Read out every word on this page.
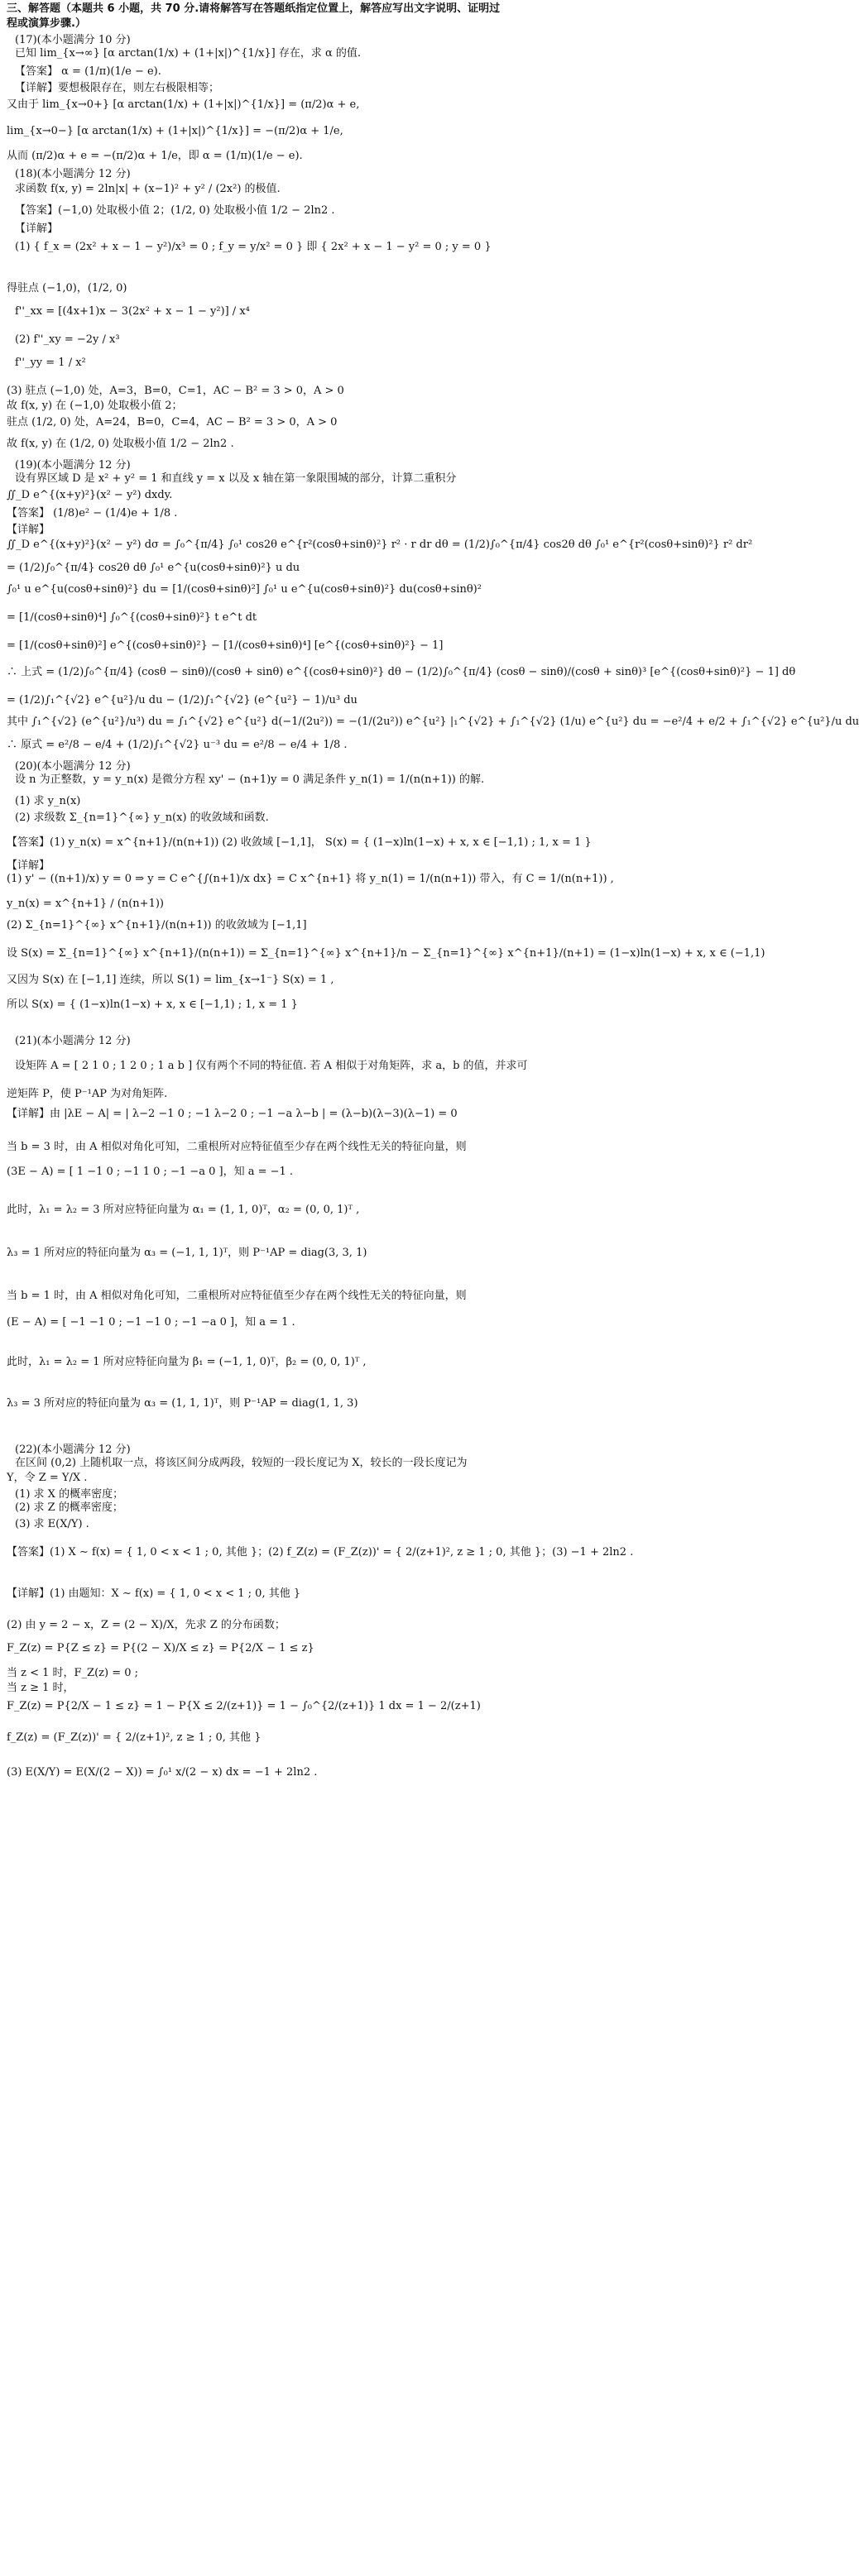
三、解答题（本题共 6 小题，共 70 分.请将解答写在答题纸指定位置上，解答应写出文字说明、证明过程或演算步骤.）
(17)(本小题满分 10 分)
已知 lim_{x→∞} [α arctan(1/x) + (1+|x|)^{1/x}] 存在，求 α 的值.
【答案】 α = (1/π)(1/e − e).
【详解】要想极限存在，则左右极限相等；
又由于 lim_{x→0+} [α arctan(1/x) + (1+|x|)^{1/x}] = (π/2)α + e,
lim_{x→0−} [α arctan(1/x) + (1+|x|)^{1/x}] = −(π/2)α + 1/e,
从而 (π/2)α + e = −(π/2)α + 1/e，即 α = (1/π)(1/e − e).
(18)(本小题满分 12 分)
求函数 f(x, y) = 2ln|x| + (x−1)² + y² / (2x²) 的极值.
【答案】(−1,0) 处取极小值 2；(1/2, 0) 处取极小值 1/2 − 2ln2 .
【详解】
(1) { f_x = (2x² + x − 1 − y²)/x³ = 0 ; f_y = y/x² = 0 } 即 { 2x² + x − 1 − y² = 0 ; y = 0 }
得驻点 (−1,0)，(1/2, 0)
f''_xx = [(4x+1)x − 3(2x² + x − 1 − y²)] / x⁴
(2) f''_xy = −2y / x³
f''_yy = 1 / x²
(3) 驻点 (−1,0) 处，A=3，B=0，C=1，AC − B² = 3 > 0，A > 0
故 f(x, y) 在 (−1,0) 处取极小值 2；
驻点 (1/2, 0) 处，A=24，B=0，C=4，AC − B² = 3 > 0，A > 0
故 f(x, y) 在 (1/2, 0) 处取极小值 1/2 − 2ln2 .
(19)(本小题满分 12 分)
设有界区域 D 是 x² + y² = 1 和直线 y = x 以及 x 轴在第一象限围城的部分，计算二重积分
∬_D e^{(x+y)²}(x² − y²) dxdy.
【答案】 (1/8)e² − (1/4)e + 1/8 .
【详解】
∬_D e^{(x+y)²}(x² − y²) dσ = ∫₀^{π/4} ∫₀¹ cos2θ e^{r²(cosθ+sinθ)²} r² · r dr dθ = (1/2)∫₀^{π/4} cos2θ dθ ∫₀¹ e^{r²(cosθ+sinθ)²} r² dr²
= (1/2)∫₀^{π/4} cos2θ dθ ∫₀¹ e^{u(cosθ+sinθ)²} u du
∫₀¹ u e^{u(cosθ+sinθ)²} du = [1/(cosθ+sinθ)²] ∫₀¹ u e^{u(cosθ+sinθ)²} du(cosθ+sinθ)²
= [1/(cosθ+sinθ)⁴] ∫₀^{(cosθ+sinθ)²} t e^t dt
= [1/(cosθ+sinθ)²] e^{(cosθ+sinθ)²} − [1/(cosθ+sinθ)⁴] [e^{(cosθ+sinθ)²} − 1]
∴ 上式 = (1/2)∫₀^{π/4} (cosθ − sinθ)/(cosθ + sinθ) e^{(cosθ+sinθ)²} dθ − (1/2)∫₀^{π/4} (cosθ − sinθ)/(cosθ + sinθ)³ [e^{(cosθ+sinθ)²} − 1] dθ
= (1/2)∫₁^{√2} e^{u²}/u du − (1/2)∫₁^{√2} (e^{u²} − 1)/u³ du
其中 ∫₁^{√2} (e^{u²}/u³) du = ∫₁^{√2} e^{u²} d(−1/(2u²)) = −(1/(2u²)) e^{u²} |₁^{√2} + ∫₁^{√2} (1/u) e^{u²} du = −e²/4 + e/2 + ∫₁^{√2} e^{u²}/u du
∴ 原式 = e²/8 − e/4 + (1/2)∫₁^{√2} u⁻³ du = e²/8 − e/4 + 1/8 .
(20)(本小题满分 12 分)
设 n 为正整数，y = y_n(x) 是微分方程 xy' − (n+1)y = 0 满足条件 y_n(1) = 1/(n(n+1)) 的解.
(1) 求 y_n(x)
(2) 求级数 Σ_{n=1}^{∞} y_n(x) 的收敛域和函数.
【答案】(1) y_n(x) = x^{n+1}/(n(n+1)) (2) 收敛域 [−1,1]， S(x) = { (1−x)ln(1−x) + x, x ∈ [−1,1) ; 1, x = 1 }
【详解】
(1) y' − ((n+1)/x) y = 0 ⇒ y = C e^{∫(n+1)/x dx} = C x^{n+1} 将 y_n(1) = 1/(n(n+1)) 带入，有 C = 1/(n(n+1)) ,
y_n(x) = x^{n+1} / (n(n+1))
(2) Σ_{n=1}^{∞} x^{n+1}/(n(n+1)) 的收敛域为 [−1,1]
设 S(x) = Σ_{n=1}^{∞} x^{n+1}/(n(n+1)) = Σ_{n=1}^{∞} x^{n+1}/n − Σ_{n=1}^{∞} x^{n+1}/(n+1) = (1−x)ln(1−x) + x, x ∈ (−1,1)
又因为 S(x) 在 [−1,1] 连续，所以 S(1) = lim_{x→1⁻} S(x) = 1 ,
所以 S(x) = { (1−x)ln(1−x) + x, x ∈ [−1,1) ; 1, x = 1 }
(21)(本小题满分 12 分)
设矩阵 A = [ 2 1 0 ; 1 2 0 ; 1 a b ] 仅有两个不同的特征值. 若 A 相似于对角矩阵，求 a，b 的值，并求可
逆矩阵 P，使 P⁻¹AP 为对角矩阵.
【详解】由 |λE − A| = | λ−2 −1 0 ; −1 λ−2 0 ; −1 −a λ−b | = (λ−b)(λ−3)(λ−1) = 0
当 b = 3 时，由 A 相似对角化可知，二重根所对应特征值至少存在两个线性无关的特征向量，则
(3E − A) = [ 1 −1 0 ; −1 1 0 ; −1 −a 0 ]，知 a = −1 .
此时，λ₁ = λ₂ = 3 所对应特征向量为 α₁ = (1, 1, 0)ᵀ，α₂ = (0, 0, 1)ᵀ ,
λ₃ = 1 所对应的特征向量为 α₃ = (−1, 1, 1)ᵀ，则 P⁻¹AP = diag(3, 3, 1)
当 b = 1 时，由 A 相似对角化可知，二重根所对应特征值至少存在两个线性无关的特征向量，则
(E − A) = [ −1 −1 0 ; −1 −1 0 ; −1 −a 0 ]，知 a = 1 .
此时，λ₁ = λ₂ = 1 所对应特征向量为 β₁ = (−1, 1, 0)ᵀ，β₂ = (0, 0, 1)ᵀ ,
λ₃ = 3 所对应的特征向量为 α₃ = (1, 1, 1)ᵀ，则 P⁻¹AP = diag(1, 1, 3)
(22)(本小题满分 12 分)
在区间 (0,2) 上随机取一点，将该区间分成两段，较短的一段长度记为 X，较长的一段长度记为
Y，令 Z = Y/X .
(1) 求 X 的概率密度；
(2) 求 Z 的概率密度；
(3) 求 E(X/Y) .
【答案】(1) X ∼ f(x) = { 1, 0 < x < 1 ; 0, 其他 }；(2) f_Z(z) = (F_Z(z))' = { 2/(z+1)², z ≥ 1 ; 0, 其他 }；(3) −1 + 2ln2 .
【详解】(1) 由题知：X ∼ f(x) = { 1, 0 < x < 1 ; 0, 其他 }
(2) 由 y = 2 − x，Z = (2 − X)/X，先求 Z 的分布函数；
F_Z(z) = P{Z ≤ z} = P{(2 − X)/X ≤ z} = P{2/X − 1 ≤ z}
当 z < 1 时，F_Z(z) = 0 ;
当 z ≥ 1 时，
F_Z(z) = P{2/X − 1 ≤ z} = 1 − P{X ≤ 2/(z+1)} = 1 − ∫₀^{2/(z+1)} 1 dx = 1 − 2/(z+1)
f_Z(z) = (F_Z(z))' = { 2/(z+1)², z ≥ 1 ; 0, 其他 }
(3) E(X/Y) = E(X/(2 − X)) = ∫₀¹ x/(2 − x) dx = −1 + 2ln2 .
